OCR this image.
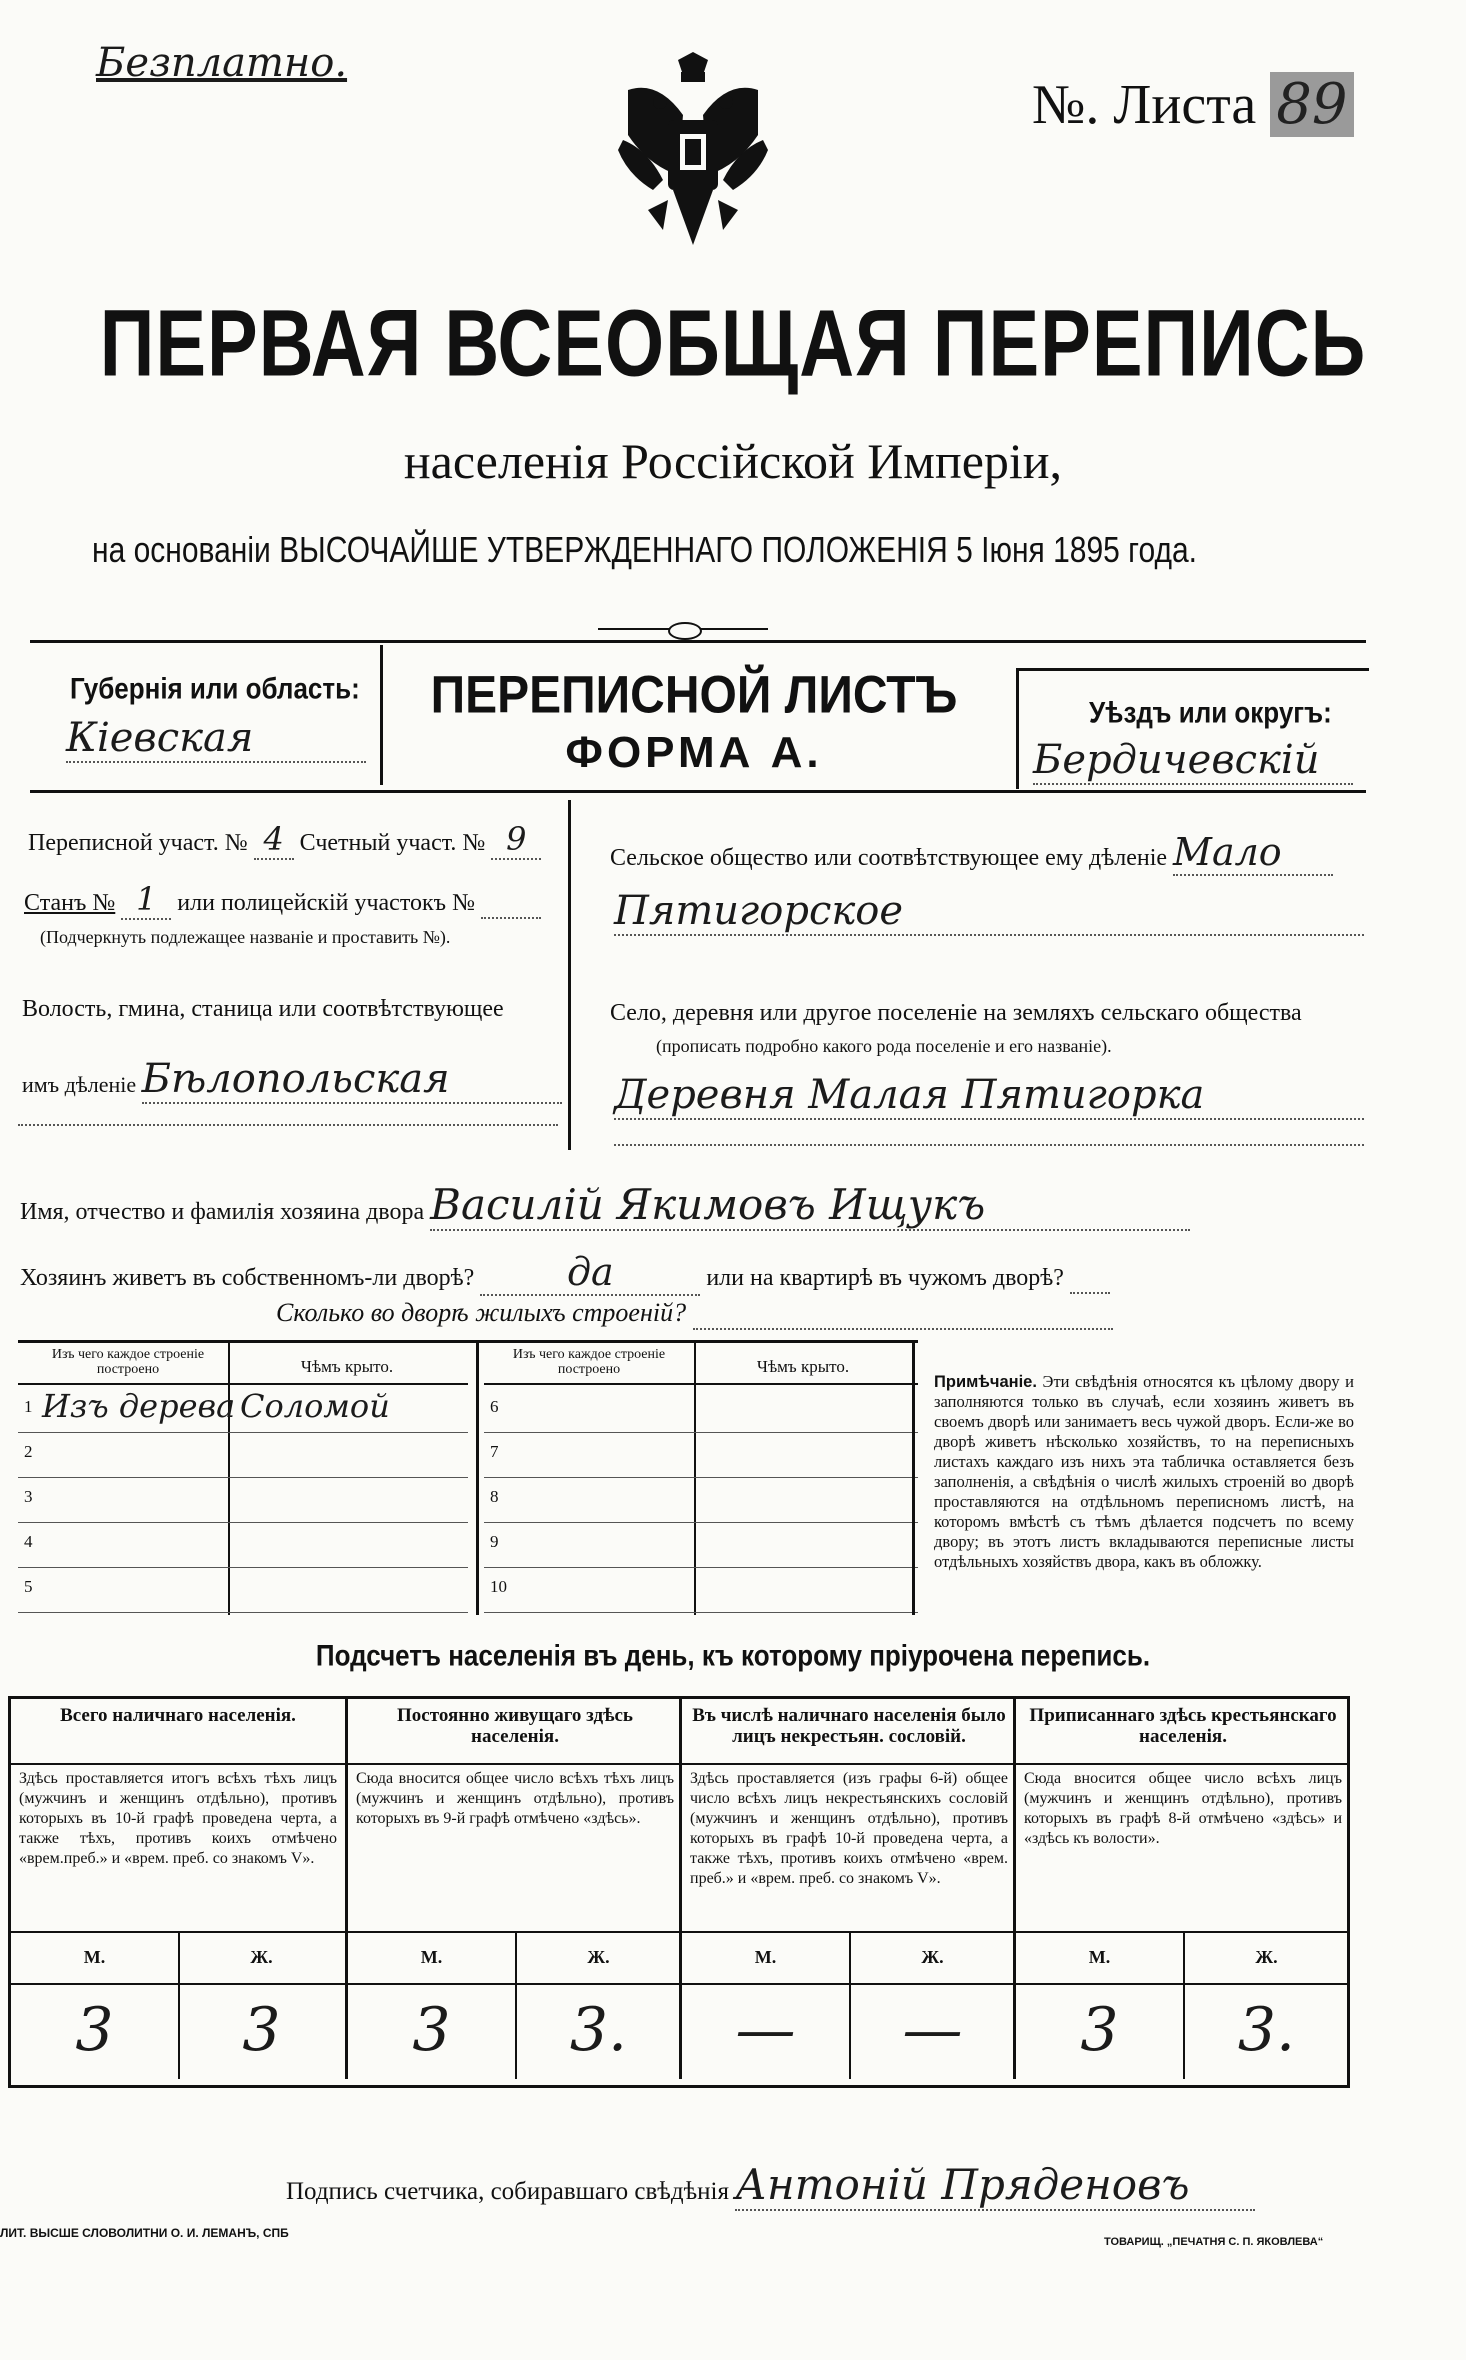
Безплатно.
№. Листа 89
ПЕРВАЯ ВСЕОБЩАЯ ПЕРЕПИСЬ
населенія Россійской Имперіи,
на основаніи ВЫСОЧАЙШЕ УТВЕРЖДЕННАГО ПОЛОЖЕНІЯ 5 Іюня 1895 года.
Губернія или область:
Кіевская
ПЕРЕПИСНОЙ ЛИСТЪ
ФОРМА А.
Уѣздъ или округъ:
Бердичевскій
Переписной участ. № 4 Счетный участ. № 9
Станъ № 1 или полицейскій участокъ №
(Подчеркнуть подлежащее названіе и проставить №).
Волость, гмина, станица или соотвѣтствующее
имъ дѣленіе Бѣлопольская
Сельское общество или соотвѣтствующее ему дѣленіе Мало
Пятигорское
Село, деревня или другое поселеніе на земляхъ сельскаго общества
(прописать подробно какого рода поселеніе и его названіе).
Деревня Малая Пятигорка
Имя, отчество и фамилія хозяина двора Василій Якимовъ Ищукъ
Хозяинъ живетъ въ собственномъ-ли дворѣ? да	или на квартирѣ въ чужомъ дворѣ?
Сколько во дворѣ жилыхъ строеній?
Изъ чего каждое строеніе построено	Чѣмъ крыто.
1 Изъ дерева Соломой
2
3
4
5
Изъ чего каждое строеніе построено	Чѣмъ крыто.
6
7
8
9
10
Примѣчаніе. Эти свѣдѣнія относятся къ цѣлому двору и заполняются только въ случаѣ, если хозяинъ живетъ въ своемъ дворѣ или занимаетъ весь чужой дворъ. Если-же во дворѣ живетъ нѣсколько хозяйствъ, то на переписныхъ листахъ каждаго изъ нихъ эта табличка оставляется безъ заполненія, а свѣдѣнія о числѣ жилыхъ строеній во дворѣ проставляются на отдѣльномъ переписномъ листѣ, на которомъ вмѣстѣ съ тѣмъ дѣлается подсчетъ по всему двору; въ этотъ листъ вкладываются переписные листы отдѣльныхъ хозяйствъ двора, какъ въ обложку.
Подсчетъ населенія въ день, къ которому пріурочена перепись.
Всего наличнаго населенія.
Здѣсь проставляется итогъ всѣхъ тѣхъ лицъ (мужчинъ и женщинъ отдѣльно), противъ которыхъ въ 10-й графѣ проведена черта, а также тѣхъ, противъ коихъ отмѣчено «врем.преб.» и «врем. преб. со знакомъ V».
М.	Ж.
3	3
Постоянно живущаго здѣсь населенія.
Сюда вносится общее число всѣхъ тѣхъ лицъ (мужчинъ и женщинъ отдѣльно), противъ которыхъ въ 9-й графѣ отмѣчено «здѣсь».
М.	Ж.
3	3.
Въ числѣ наличнаго населенія было лицъ некрестьян. сословій.
Здѣсь проставляется (изъ графы 6-й) общее число всѣхъ лицъ некрестьянскихъ сословій (мужчинъ и женщинъ отдѣльно), противъ которыхъ въ графѣ 10-й проведена черта, а также тѣхъ, противъ коихъ отмѣчено «врем. преб.» и «врем. преб. со знакомъ V».
М.	Ж.
—	—
Приписаннаго здѣсь крестьянскаго населенія.
Сюда вносится общее число всѣхъ лицъ (мужчинъ и женщинъ отдѣльно), противъ которыхъ въ графѣ 8-й отмѣчено «здѣсь» и «здѣсь къ волости».
М.	Ж.
3	3.
Подпись счетчика, собиравшаго свѣдѣнія Антоній Пряденовъ
ЛИТ. ВЫСШЕ СЛОВОЛИТНИ О. И. ЛЕМАНЪ, СПБ
ТОВАРИЩ. „ПЕЧАТНЯ С. П. ЯКОВЛЕВА“
